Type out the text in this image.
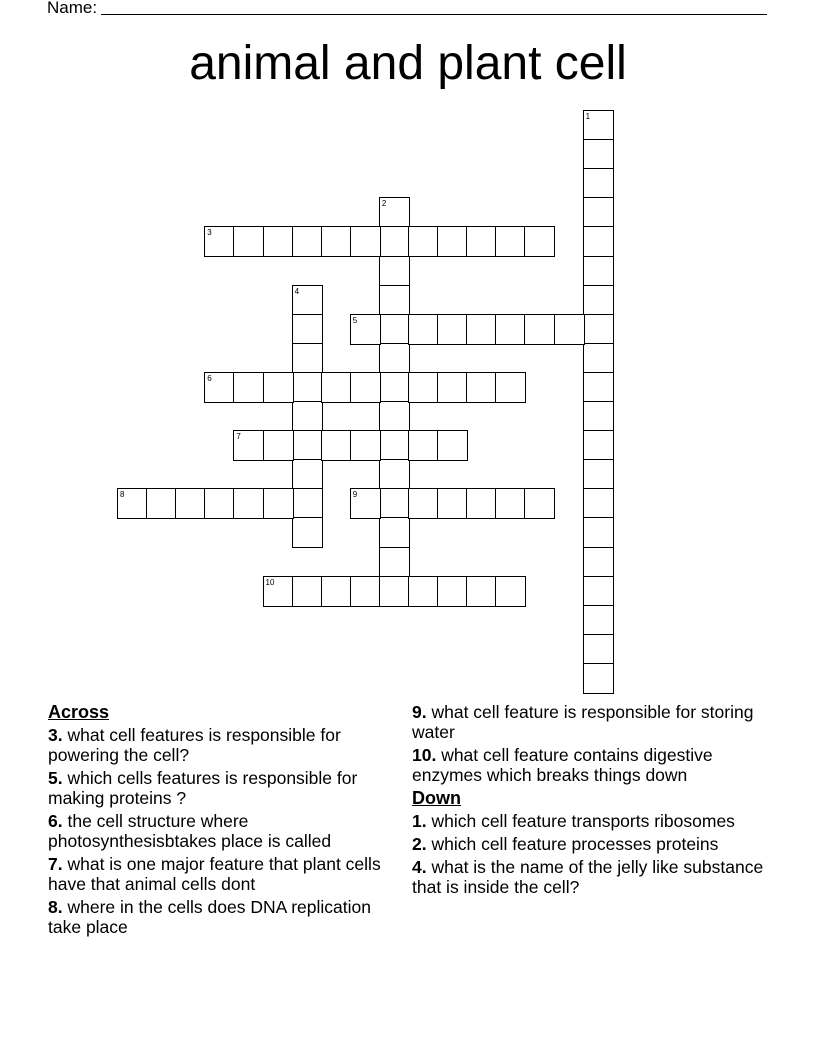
Name:
animal and plant cell
1
2
3
4
5
6
7
8	9
10
Across
3. what cell features is responsible for powering the cell?
5. which cells features is responsible for making proteins ?
6. the cell structure where photosynthesisbtakes place is called
7. what is one major feature that plant cells have that animal cells dont
8. where in the cells does DNA replication take place
9. what cell feature is responsible for storing water
10. what cell feature contains digestive enzymes which breaks things down
Down
1. which cell feature transports ribosomes
2. which cell feature processes proteins
4. what is the name of the jelly like substance that is inside the cell?
